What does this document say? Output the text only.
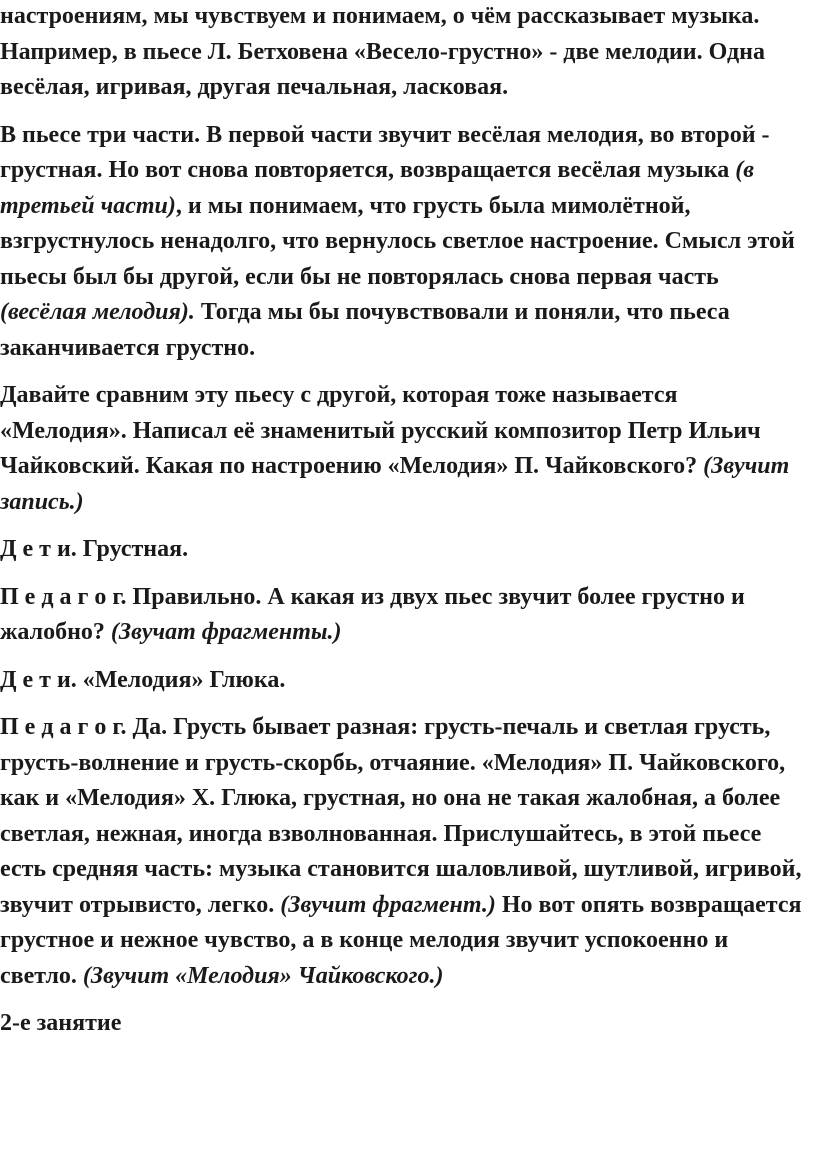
настроениям, мы чувствуем и понимаем, о чём рассказывает музыка. Например, в пьесе Л. Бетховена «Весело-грустно» - две мелодии. Одна весёлая, игривая, другая печальная, ласковая.

В пьесе три части. В первой части звучит весёлая мелодия, во второй - грустная. Но вот снова повторяется, возвращается весёлая музыка (в третьей части), и мы понимаем, что грусть была мимолётной, взгрустнулось ненадолго, что вернулось светлое настроение. Смысл этой пьесы был бы другой, если бы не повторялась снова первая часть (весёлая мелодия). Тогда мы бы почувствовали и поняли, что пьеса заканчивается грустно.

Давайте сравним эту пьесу с другой, которая тоже называется «Мелодия». Написал её знаменитый русский композитор Петр Ильич Чайковский. Какая по настроению «Мелодия» П. Чайковского? (Звучит запись.)

Д е т и. Грустная.

П е д а г о г. Правильно. А какая из двух пьес звучит более грустно и жалобно? (Звучат фрагменты.)

Д е т и. «Мелодия» Глюка.

П е д а г о г. Да. Грусть бывает разная: грусть-печаль и светлая грусть, грусть-волнение и грусть-скорбь, отчаяние. «Мелодия» П. Чайковского, как и «Мелодия» Х. Глюка, грустная, но она не такая жалобная, а более светлая, нежная, иногда взволнованная. Прислушайтесь, в этой пьесе есть средняя часть: музыка становится шаловливой, шутливой, игривой, звучит отрывисто, легко. (Звучит фрагмент.) Но вот опять возвращается грустное и нежное чувство, а в конце мелодия звучит успокоенно и светло. (Звучит «Мелодия» Чайковского.)

2-е занятие
